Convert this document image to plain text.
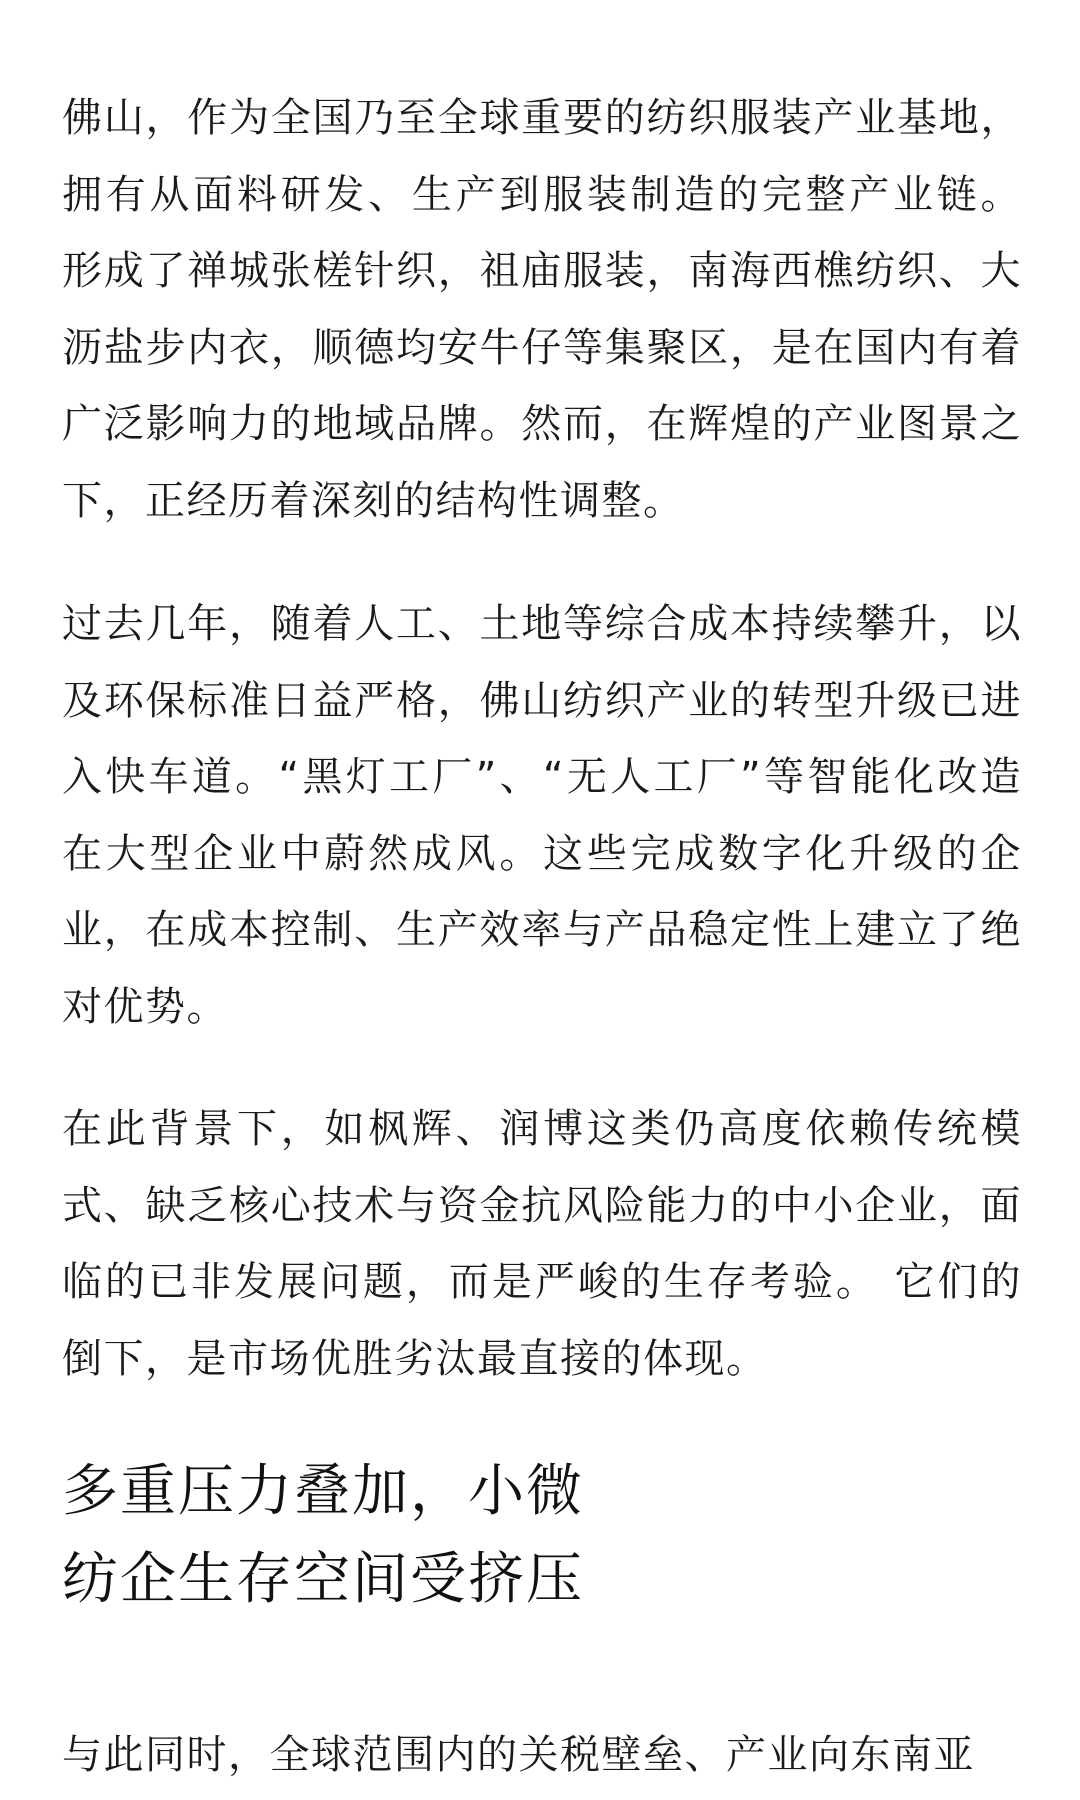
佛山，作为全国乃至全球重要的纺织服装产业基地，拥有从面料研发、生产到服装制造的完整产业链。 形成了禅城张槎针织，祖庙服装，南海西樵纺织、大沥盐步内衣，顺德均安牛仔等集聚区，是在国内有着广泛影响力的地域品牌。然而，在辉煌的产业图景之下，正经历着深刻的结构性调整。

过去几年，随着人工、土地等综合成本持续攀升，以及环保标准日益严格，佛山纺织产业的转型升级已进入快车道。“黑灯工厂”、“无人工厂”等智能化改造在大型企业中蔚然成风。这些完成数字化升级的企业，在成本控制、生产效率与产品稳定性上建立了绝对优势。

在此背景下，如枫辉、润博这类仍高度依赖传统模式、缺乏核心技术与资金抗风险能力的中小企业，面临的已非发展问题，而是严峻的生存考验。 它们的倒下，是市场优胜劣汰最直接的体现。

多重压力叠加，小微
纺企生存空间受挤压

与此同时，全球范围内的关税壁垒、产业向东南亚
